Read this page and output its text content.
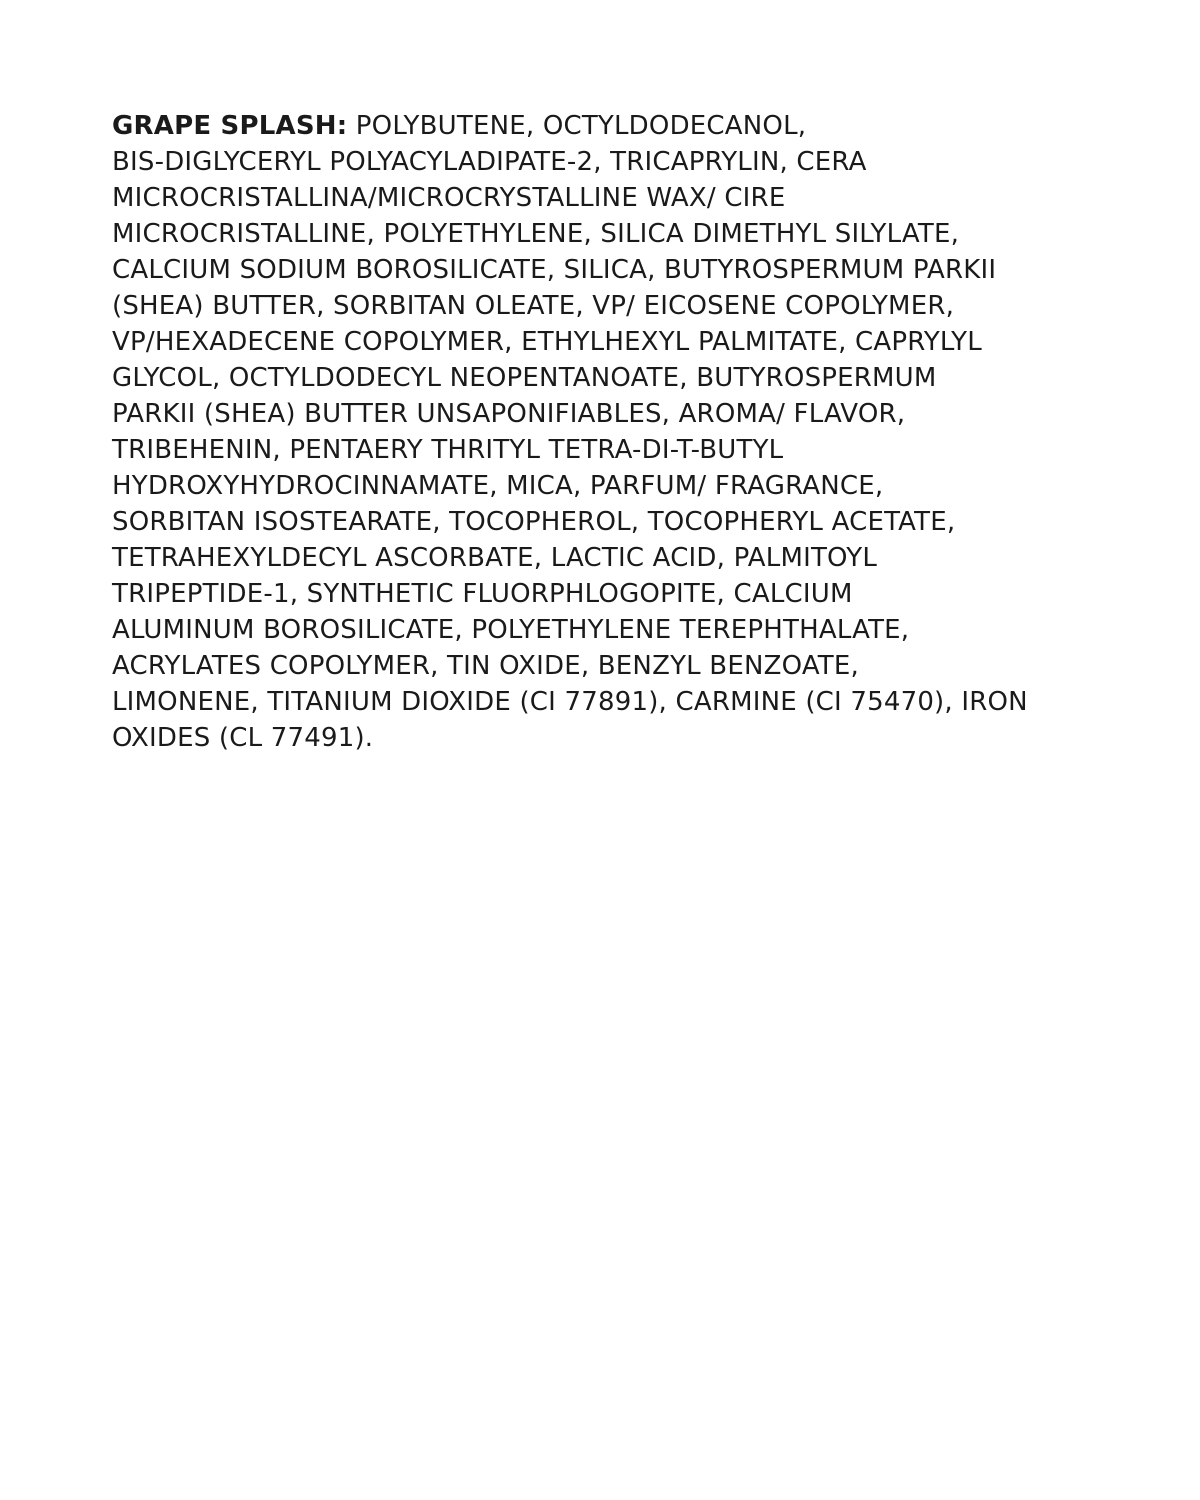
GRAPE SPLASH: POLYBUTENE, OCTYLDODECANOL,
BIS-DIGLYCERYL POLYACYLADIPATE-2, TRICAPRYLIN, CERA
MICROCRISTALLINA/MICROCRYSTALLINE WAX/ CIRE
MICROCRISTALLINE, POLYETHYLENE, SILICA DIMETHYL SILYLATE,
CALCIUM SODIUM BOROSILICATE, SILICA, BUTYROSPERMUM PARKII
(SHEA) BUTTER, SORBITAN OLEATE, VP/ EICOSENE COPOLYMER,
VP/HEXADECENE COPOLYMER, ETHYLHEXYL PALMITATE, CAPRYLYL
GLYCOL, OCTYLDODECYL NEOPENTANOATE, BUTYROSPERMUM
PARKII (SHEA) BUTTER UNSAPONIFIABLES, AROMA/ FLAVOR,
TRIBEHENIN, PENTAERY THRITYL TETRA-DI-T-BUTYL
HYDROXYHYDROCINNAMATE, MICA, PARFUM/ FRAGRANCE,
SORBITAN ISOSTEARATE, TOCOPHEROL, TOCOPHERYL ACETATE,
TETRAHEXYLDECYL ASCORBATE, LACTIC ACID, PALMITOYL
TRIPEPTIDE-1, SYNTHETIC FLUORPHLOGOPITE, CALCIUM
ALUMINUM BOROSILICATE, POLYETHYLENE TEREPHTHALATE,
ACRYLATES COPOLYMER, TIN OXIDE, BENZYL BENZOATE,
LIMONENE, TITANIUM DIOXIDE (CI 77891), CARMINE (CI 75470), IRON
OXIDES (CL 77491).
